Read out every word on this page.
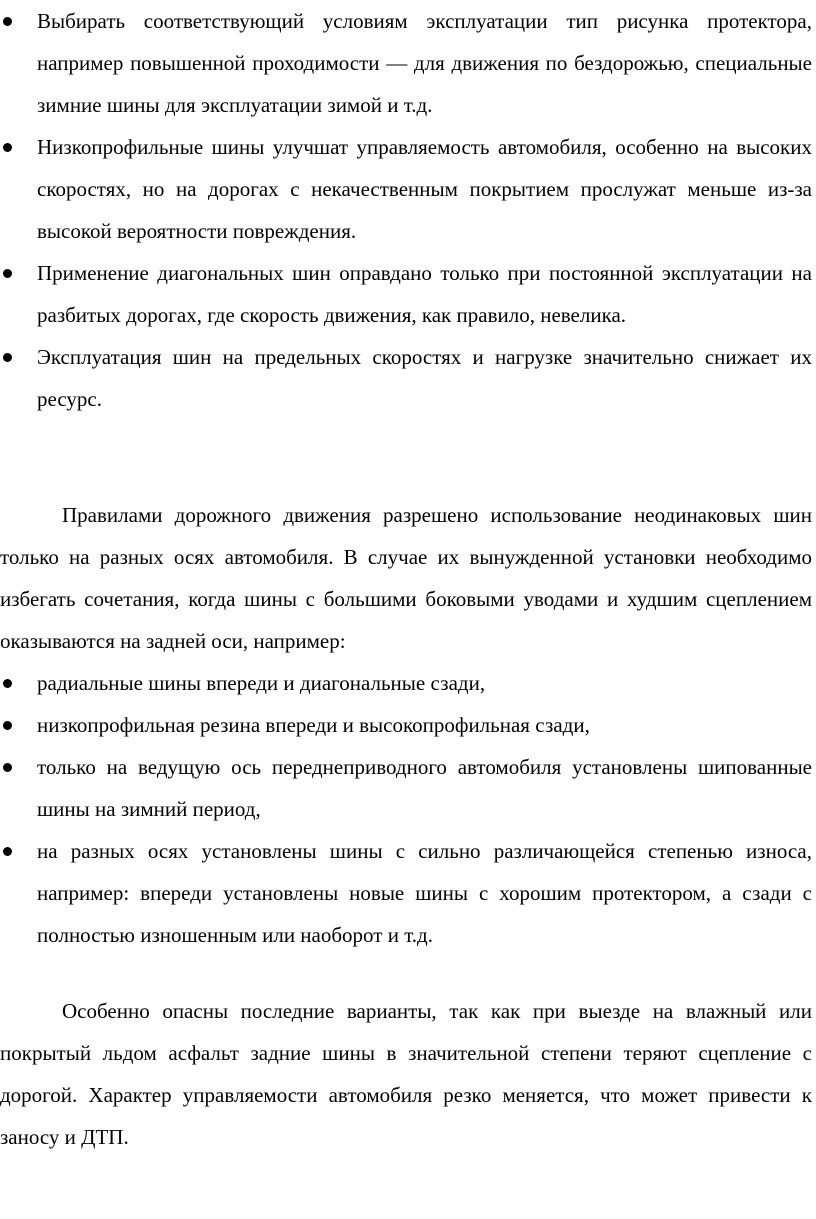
Выбирать соответствующий условиям эксплуатации тип рисунка протектора, например повышенной проходимости — для движения по бездорожью, специальные зимние шины для эксплуатации зимой и т.д.
Низкопрофильные шины улучшат управляемость автомобиля, особенно на высоких скоростях, но на дорогах с некачественным покрытием прослужат меньше из-за высокой вероятности повреждения.
Применение диагональных шин оправдано только при постоянной эксплуатации на разбитых дорогах, где скорость движения, как правило, невелика.
Эксплуатация шин на предельных скоростях и нагрузке значительно снижает их ресурс.

Правилами дорожного движения разрешено использование неодинаковых шин только на разных осях автомобиля. В случае их вынужденной установки необходимо избегать сочетания, когда шины с большими боковыми уводами и худшим сцеплением оказываются на задней оси, например:

радиальные шины впереди и диагональные сзади,
низкопрофильная резина впереди и высокопрофильная сзади,
только на ведущую ось переднеприводного автомобиля установлены шипованные шины на зимний период,
на разных осях установлены шины с сильно различающейся степенью износа, например: впереди установлены новые шины с хорошим протектором, а сзади с полностью изношенным или наоборот и т.д.

Особенно опасны последние варианты, так как при выезде на влажный или покрытый льдом асфальт задние шины в значительной степени теряют сцепление с дорогой. Характер управляемости автомобиля резко меняется, что может привести к заносу и ДТП.
